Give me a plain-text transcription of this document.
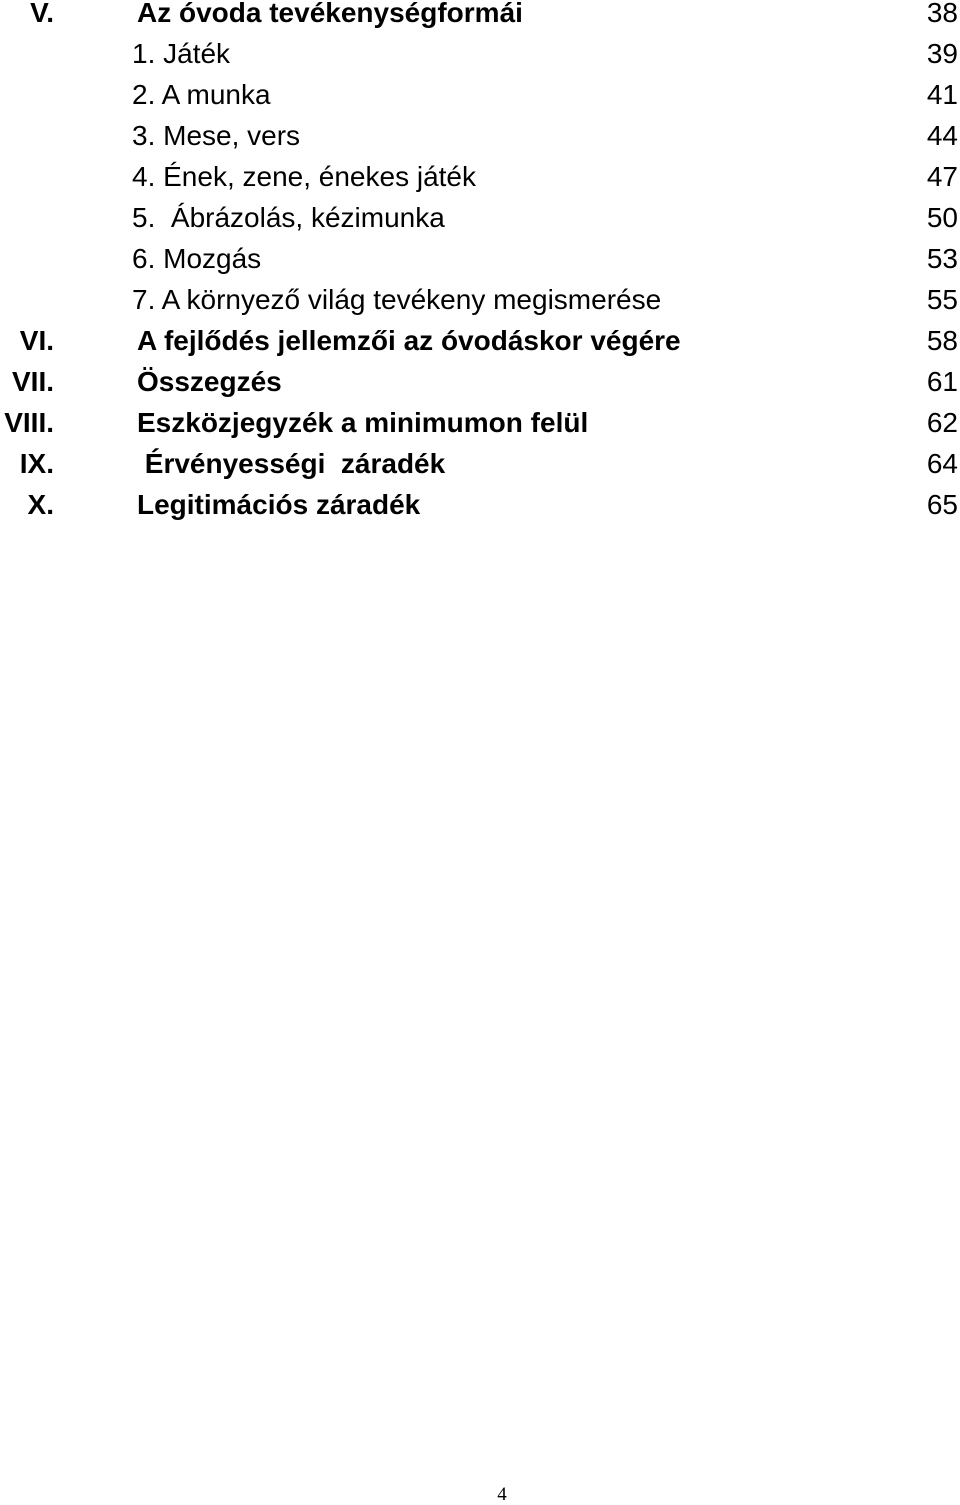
V.	Az óvoda tevékenységformái	38
1. Játék	39
2. A munka	41
3. Mese, vers	44
4. Ének, zene, énekes játék	47
5.  Ábrázolás, kézimunka	50
6. Mozgás	53
7. A környező világ tevékeny megismerése	55
VI.	A fejlődés jellemzői az óvodáskor végére	58
VII.	Összegzés	61
VIII.	Eszközjegyzék a minimumon felül	62
IX.	Érvényességi  záradék	64
X.	Legitimációs záradék	65
4
